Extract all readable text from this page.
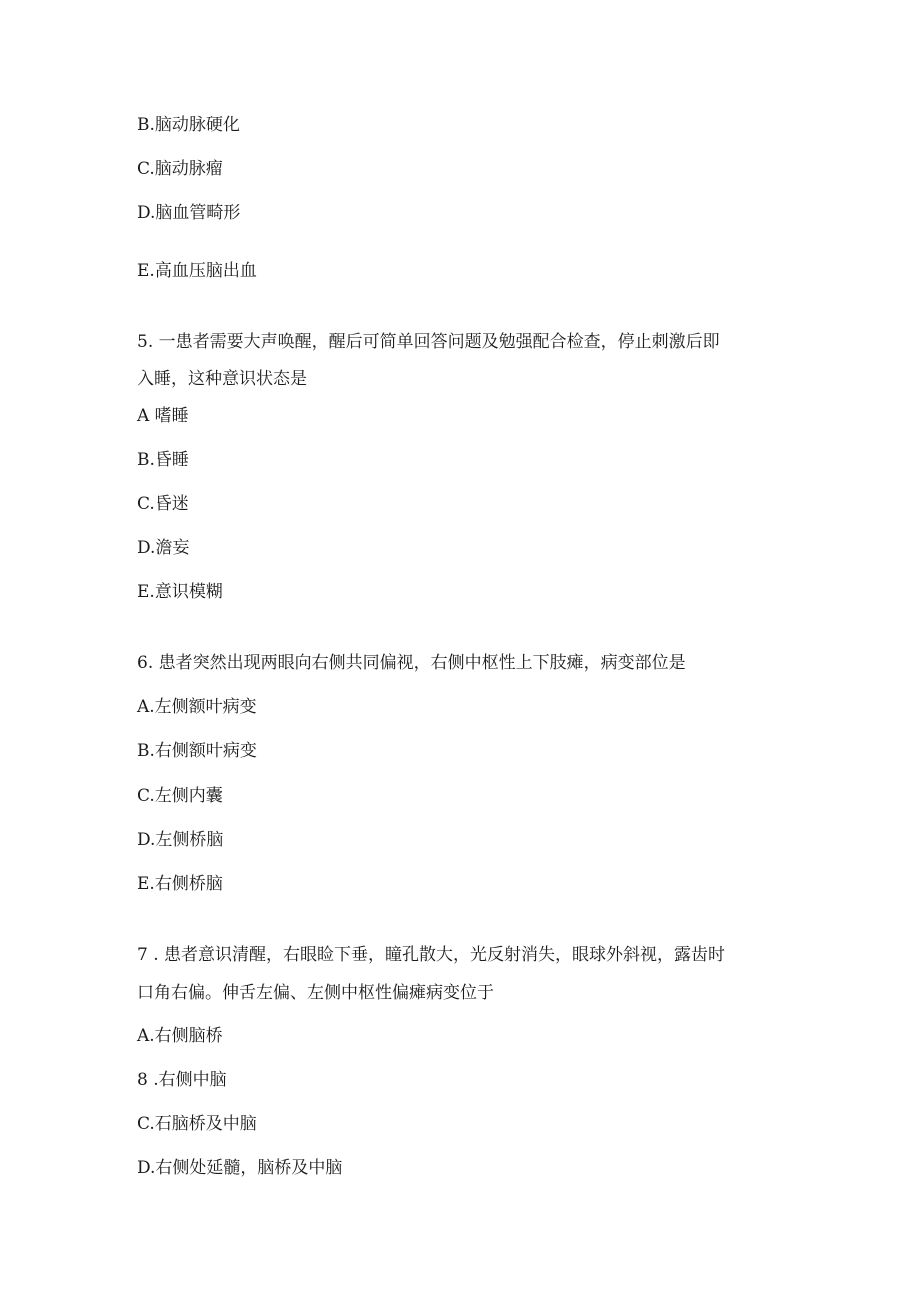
B.脑动脉硬化
C.脑动脉瘤
D.脑血管畸形
E.高血压脑出血
5. 一患者需要大声唤醒，醒后可简单回答问题及勉强配合检查，停止刺激后即
入睡，这种意识状态是
A 嗜睡
B.昏睡
C.昏迷
D.澹妄
E.意识模糊
6. 患者突然出现两眼向右侧共同偏视，右侧中枢性上下肢瘫，病变部位是
A.左侧额叶病变
B.右侧额叶病变
C.左侧内囊
D.左侧桥脑
E.右侧桥脑
7 . 患者意识清醒，右眼睑下垂，瞳孔散大，光反射消失，眼球外斜视，露齿时
口角右偏。伸舌左偏、左侧中枢性偏瘫病变位于
A.右侧脑桥
8 .右侧中脑
C.石脑桥及中脑
D.右侧处延髓，脑桥及中脑
